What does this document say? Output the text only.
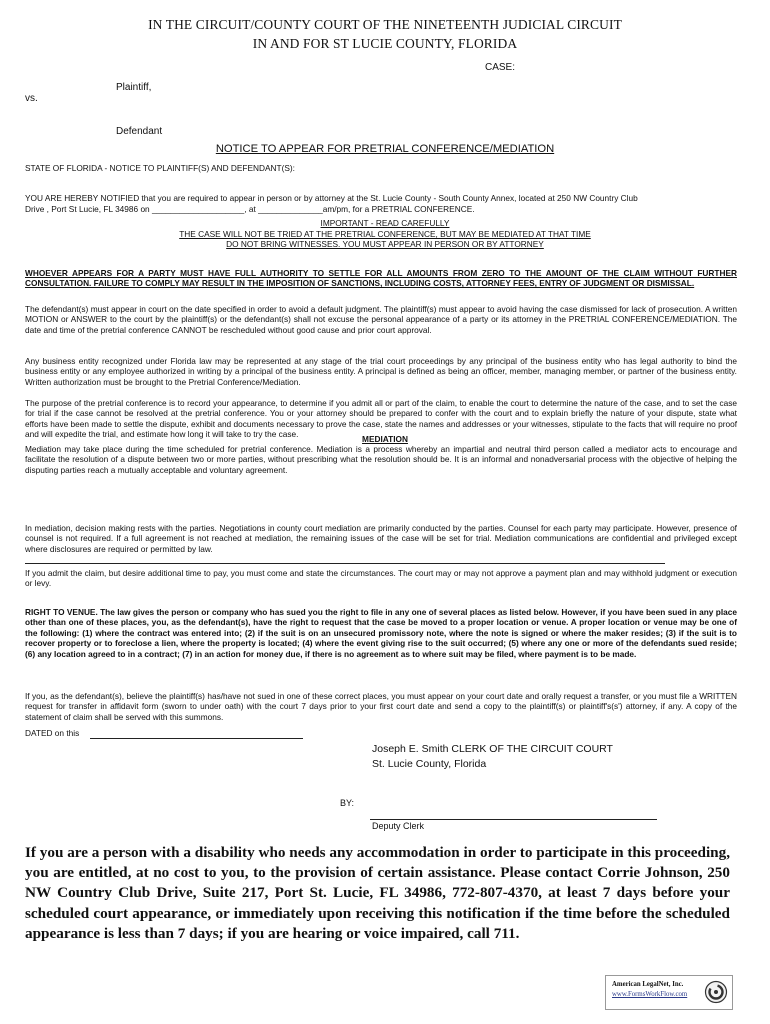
IN THE CIRCUIT/COUNTY COURT OF THE NINETEENTH JUDICIAL CIRCUIT
IN AND FOR ST LUCIE COUNTY, FLORIDA
CASE:
Plaintiff,
vs.
Defendant
NOTICE TO APPEAR FOR PRETRIAL CONFERENCE/MEDIATION
STATE OF FLORIDA - NOTICE TO PLAINTIFF(S) AND DEFENDANT(S):
YOU ARE HEREBY NOTIFIED that you are required to appear in person or by attorney at the St. Lucie County - South County Annex, located at 250 NW Country Club
Drive , Port St Lucie, FL 34986 on ____________________, at ______________am/pm, for a PRETRIAL CONFERENCE.
IMPORTANT - READ CAREFULLY
THE CASE WILL NOT BE TRIED AT THE PRETRIAL CONFERENCE, BUT MAY BE MEDIATED AT THAT TIME
DO NOT BRING WITNESSES. YOU MUST APPEAR IN PERSON OR BY ATTORNEY
WHOEVER APPEARS FOR A PARTY MUST HAVE FULL AUTHORITY TO SETTLE FOR ALL AMOUNTS FROM ZERO TO THE AMOUNT OF THE CLAIM WITHOUT FURTHER CONSULTATION. FAILURE TO COMPLY MAY RESULT IN THE IMPOSITION OF SANCTIONS, INCLUDING COSTS, ATTORNEY FEES, ENTRY OF JUDGMENT OR DISMISSAL.
The defendant(s) must appear in court on the date specified in order to avoid a default judgment. The plaintiff(s) must appear to avoid having the case dismissed for lack of prosecution. A written MOTION or ANSWER to the court by the plaintiff(s) or the defendant(s) shall not excuse the personal appearance of a party or its attorney in the PRETRIAL CONFERENCE/MEDIATION. The date and time of the pretrial conference CANNOT be rescheduled without good cause and prior court approval.
Any business entity recognized under Florida law may be represented at any stage of the trial court proceedings by any principal of the business entity who has legal authority to bind the business entity or any employee authorized in writing by a principal of the business entity. A principal is defined as being an officer, member, managing member, or partner of the business entity. Written authorization must be brought to the Pretrial Conference/Mediation.
The purpose of the pretrial conference is to record your appearance, to determine if you admit all or part of the claim, to enable the court to determine the nature of the case, and to set the case for trial if the case cannot be resolved at the pretrial conference. You or your attorney should be prepared to confer with the court and to explain briefly the nature of your dispute, state what efforts have been made to settle the dispute, exhibit and documents necessary to prove the case, state the names and addresses or your witnesses, stipulate to the facts that will require no proof and will expedite the trial, and estimate how long it will take to try the case.	MEDIATION
Mediation may take place during the time scheduled for pretrial conference. Mediation is a process whereby an impartial and neutral third person called a mediator acts to encourage and facilitate the resolution of a dispute between two or more parties, without prescribing what the resolution should be. It is an informal and nonadversarial process with the objective of helping the disputing parties reach a mutually acceptable and voluntary agreement.
In mediation, decision making rests with the parties. Negotiations in county court mediation are primarily conducted by the parties. Counsel for each party may participate. However, presence of counsel is not required. If a full agreement is not reached at mediation, the remaining issues of the case will be set for trial. Mediation communications are confidential and privileged except where disclosures are required or permitted by law.
If you admit the claim, but desire additional time to pay, you must come and state the circumstances. The court may or may not approve a payment plan and may withhold judgment or execution or levy.
RIGHT TO VENUE. The law gives the person or company who has sued you the right to file in any one of several places as listed below. However, if you have been sued in any place other than one of these places, you, as the defendant(s), have the right to request that the case be moved to a proper location or venue. A proper location or venue may be one of the following: (1) where the contract was entered into; (2) if the suit is on an unsecured promissory note, where the note is signed or where the maker resides; (3) if the suit is to recover property or to foreclose a lien, where the property is located; (4) where the event giving rise to the suit occurred; (5) where any one or more of the defendants sued reside; (6) any location agreed to in a contract; (7) in an action for money due, if there is no agreement as to where suit may be filed, where payment is to be made.
If you, as the defendant(s), believe the plaintiff(s) has/have not sued in one of these correct places, you must appear on your court date and orally request a transfer, or you must file a WRITTEN request for transfer in affidavit form (sworn to under oath) with the court 7 days prior to your first court date and send a copy to the plaintiff(s) or plaintiff's(s') attorney, if any. A copy of the statement of claim shall be served with this summons.
DATED on this
Joseph E. Smith CLERK OF THE CIRCUIT COURT
St. Lucie County, Florida
BY:
Deputy Clerk
If you are a person with a disability who needs any accommodation in order to participate in this proceeding, you are entitled, at no cost to you, to the provision of certain assistance. Please contact Corrie Johnson, 250 NW Country Club Drive, Suite 217, Port St. Lucie, FL 34986, 772-807-4370, at least 7 days before your scheduled court appearance, or immediately upon receiving this notification if the time before the scheduled appearance is less than 7 days; if you are hearing or voice impaired, call 711.
American LegalNet, Inc.
www.FormsWorkFlow.com
